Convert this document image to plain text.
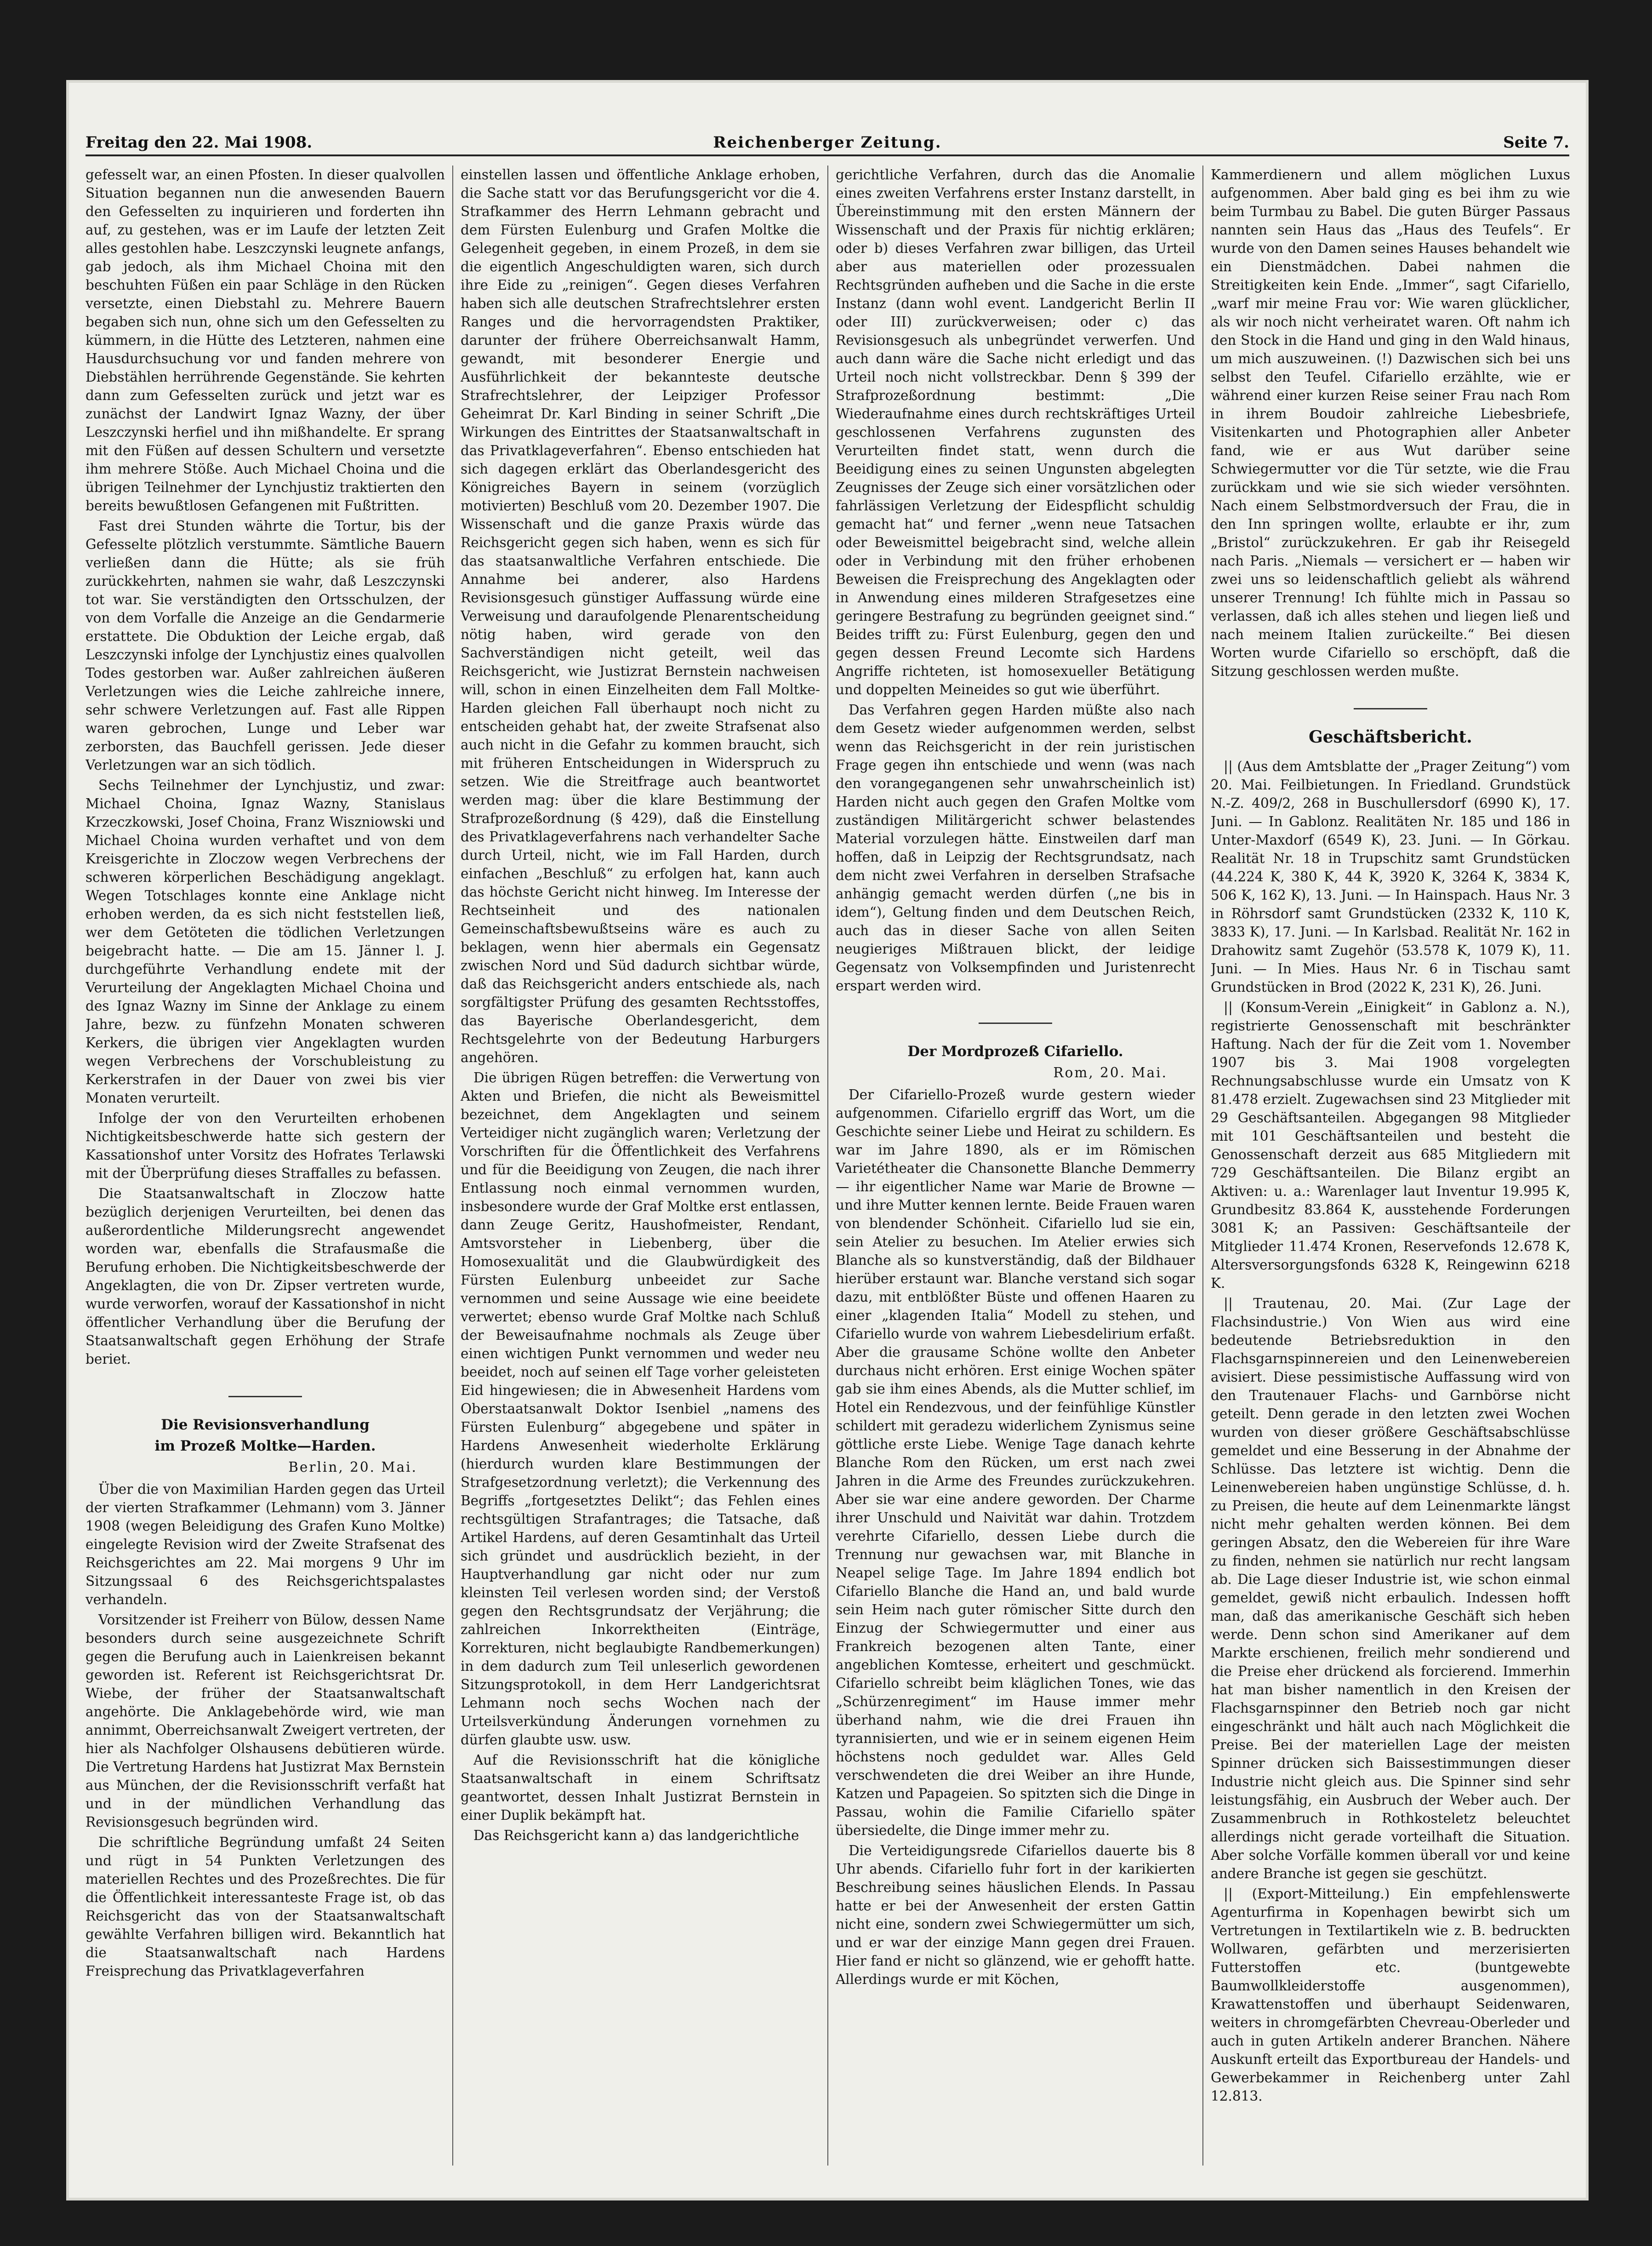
Freitag den 22. Mai 1908.	Reichenberger Zeitung.	Seite 7.

gefesselt war, an einen Pfosten. In dieser qualvollen Situation begannen nun die anwesenden Bauern den Gefesselten zu inquirieren und forderten ihn auf, zu gestehen, was er im Laufe der letzten Zeit alles gestohlen habe. Leszczynski leugnete anfangs, gab jedoch, als ihm Michael Choina mit den beschuhten Füßen ein paar Schläge in den Rücken versetzte, einen Diebstahl zu. Mehrere Bauern begaben sich nun, ohne sich um den Gefesselten zu kümmern, in die Hütte des Letzteren, nahmen eine Hausdurchsuchung vor und fanden mehrere von Diebstählen herrührende Gegenstände. Sie kehrten dann zum Gefesselten zurück und jetzt war es zunächst der Landwirt Ignaz Wazny, der über Leszczynski herfiel und ihn mißhandelte. Er sprang mit den Füßen auf dessen Schultern und versetzte ihm mehrere Stöße. Auch Michael Choina und die übrigen Teilnehmer der Lynchjustiz traktierten den bereits bewußtlosen Gefangenen mit Fußtritten.

Fast drei Stunden währte die Tortur, bis der Gefesselte plötzlich verstummte. Sämtliche Bauern verließen dann die Hütte; als sie früh zurückkehrten, nahmen sie wahr, daß Leszczynski tot war. Sie verständigten den Ortsschulzen, der von dem Vorfalle die Anzeige an die Gendarmerie erstattete. Die Obduktion der Leiche ergab, daß Leszczynski infolge der Lynchjustiz eines qualvollen Todes gestorben war. Außer zahlreichen äußeren Verletzungen wies die Leiche zahlreiche innere, sehr schwere Verletzungen auf. Fast alle Rippen waren gebrochen, Lunge und Leber war zerborsten, das Bauchfell gerissen. Jede dieser Verletzungen war an sich tödlich.

Sechs Teilnehmer der Lynchjustiz, und zwar: Michael Choina, Ignaz Wazny, Stanislaus Krzeczkowski, Josef Choina, Franz Wiszniowski und Michael Choina wurden verhaftet und von dem Kreisgerichte in Zloczow wegen Verbrechens der schweren körperlichen Beschädigung angeklagt. Wegen Totschlages konnte eine Anklage nicht erhoben werden, da es sich nicht feststellen ließ, wer dem Getöteten die tödlichen Verletzungen beigebracht hatte. — Die am 15. Jänner l. J. durchgeführte Verhandlung endete mit der Verurteilung der Angeklagten Michael Choina und des Ignaz Wazny im Sinne der Anklage zu einem Jahre, bezw. zu fünfzehn Monaten schweren Kerkers, die übrigen vier Angeklagten wurden wegen Verbrechens der Vorschubleistung zu Kerkerstrafen in der Dauer von zwei bis vier Monaten verurteilt.

Infolge der von den Verurteilten erhobenen Nichtigkeitsbeschwerde hatte sich gestern der Kassationshof unter Vorsitz des Hofrates Terlawski mit der Überprüfung dieses Straffalles zu befassen.

Die Staatsanwaltschaft in Zloczow hatte bezüglich derjenigen Verurteilten, bei denen das außerordentliche Milderungsrecht angewendet worden war, ebenfalls die Strafausmaße die Berufung erhoben. Die Nichtigkeitsbeschwerde der Angeklagten, die von Dr. Zipser vertreten wurde, wurde verworfen, worauf der Kassationshof in nicht öffentlicher Verhandlung über die Berufung der Staatsanwaltschaft gegen Erhöhung der Strafe beriet.

Die Revisionsverhandlung
im Prozeß Moltke—Harden.
Berlin, 20. Mai.

Über die von Maximilian Harden gegen das Urteil der vierten Strafkammer (Lehmann) vom 3. Jänner 1908 (wegen Beleidigung des Grafen Kuno Moltke) eingelegte Revision wird der Zweite Strafsenat des Reichsgerichtes am 22. Mai morgens 9 Uhr im Sitzungssaal 6 des Reichsgerichtspalastes verhandeln.

Vorsitzender ist Freiherr von Bülow, dessen Name besonders durch seine ausgezeichnete Schrift gegen die Berufung auch in Laienkreisen bekannt geworden ist. Referent ist Reichsgerichtsrat Dr. Wiebe, der früher der Staatsanwaltschaft angehörte. Die Anklagebehörde wird, wie man annimmt, Oberreichsanwalt Zweigert vertreten, der hier als Nachfolger Olshausens debütieren würde. Die Vertretung Hardens hat Justizrat Max Bernstein aus München, der die Revisionsschrift verfaßt hat und in der mündlichen Verhandlung das Revisionsgesuch begründen wird.

Die schriftliche Begründung umfaßt 24 Seiten und rügt in 54 Punkten Verletzungen des materiellen Rechtes und des Prozeßrechtes. Die für die Öffentlichkeit interessanteste Frage ist, ob das Reichsgericht das von der Staatsanwaltschaft gewählte Verfahren billigen wird. Bekanntlich hat die Staatsanwaltschaft nach Hardens Freisprechung das Privatklageverfahren

einstellen lassen und öffentliche Anklage erhoben, die Sache statt vor das Berufungsgericht vor die 4. Strafkammer des Herrn Lehmann gebracht und dem Fürsten Eulenburg und Grafen Moltke die Gelegenheit gegeben, in einem Prozeß, in dem sie die eigentlich Angeschuldigten waren, sich durch ihre Eide zu „reinigen“. Gegen dieses Verfahren haben sich alle deutschen Strafrechtslehrer ersten Ranges und die hervorragendsten Praktiker, darunter der frühere Oberreichsanwalt Hamm, gewandt, mit besonderer Energie und Ausführlichkeit der bekannteste deutsche Strafrechtslehrer, der Leipziger Professor Geheimrat Dr. Karl Binding in seiner Schrift „Die Wirkungen des Eintrittes der Staatsanwaltschaft in das Privatklageverfahren“. Ebenso entschieden hat sich dagegen erklärt das Oberlandesgericht des Königreiches Bayern in seinem (vorzüglich motivierten) Beschluß vom 20. Dezember 1907. Die Wissenschaft und die ganze Praxis würde das Reichsgericht gegen sich haben, wenn es sich für das staatsanwaltliche Verfahren entschiede. Die Annahme bei anderer, also Hardens Revisionsgesuch günstiger Auffassung würde eine Verweisung und daraufolgende Plenarentscheidung nötig haben, wird gerade von den Sachverständigen nicht geteilt, weil das Reichsgericht, wie Justizrat Bernstein nachweisen will, schon in einen Einzelheiten dem Fall Moltke-Harden gleichen Fall überhaupt noch nicht zu entscheiden gehabt hat, der zweite Strafsenat also auch nicht in die Gefahr zu kommen braucht, sich mit früheren Entscheidungen in Widerspruch zu setzen. Wie die Streitfrage auch beantwortet werden mag: über die klare Bestimmung der Strafprozeßordnung (§ 429), daß die Einstellung des Privatklageverfahrens nach verhandelter Sache durch Urteil, nicht, wie im Fall Harden, durch einfachen „Beschluß“ zu erfolgen hat, kann auch das höchste Gericht nicht hinweg. Im Interesse der Rechtseinheit und des nationalen Gemeinschaftsbewußtseins wäre es auch zu beklagen, wenn hier abermals ein Gegensatz zwischen Nord und Süd dadurch sichtbar würde, daß das Reichsgericht anders entschiede als, nach sorgfältigster Prüfung des gesamten Rechtsstoffes, das Bayerische Oberlandesgericht, dem Rechtsgelehrte von der Bedeutung Harburgers angehören.

Die übrigen Rügen betreffen: die Verwertung von Akten und Briefen, die nicht als Beweismittel bezeichnet, dem Angeklagten und seinem Verteidiger nicht zugänglich waren; Verletzung der Vorschriften für die Öffentlichkeit des Verfahrens und für die Beeidigung von Zeugen, die nach ihrer Entlassung noch einmal vernommen wurden, insbesondere wurde der Graf Moltke erst entlassen, dann Zeuge Geritz, Haushofmeister, Rendant, Amtsvorsteher in Liebenberg, über die Homosexualität und die Glaubwürdigkeit des Fürsten Eulenburg unbeeidet zur Sache vernommen und seine Aussage wie eine beeidete verwertet; ebenso wurde Graf Moltke nach Schluß der Beweisaufnahme nochmals als Zeuge über einen wichtigen Punkt vernommen und weder neu beeidet, noch auf seinen elf Tage vorher geleisteten Eid hingewiesen; die in Abwesenheit Hardens vom Oberstaatsanwalt Doktor Isenbiel „namens des Fürsten Eulenburg“ abgegebene und später in Hardens Anwesenheit wiederholte Erklärung (hierdurch wurden klare Bestimmungen der Strafgesetzordnung verletzt); die Verkennung des Begriffs „fortgesetztes Delikt“; das Fehlen eines rechtsgültigen Strafantrages; die Tatsache, daß Artikel Hardens, auf deren Gesamtinhalt das Urteil sich gründet und ausdrücklich bezieht, in der Hauptverhandlung gar nicht oder nur zum kleinsten Teil verlesen worden sind; der Verstoß gegen den Rechtsgrundsatz der Verjährung; die zahlreichen Inkorrektheiten (Einträge, Korrekturen, nicht beglaubigte Randbemerkungen) in dem dadurch zum Teil unleserlich gewordenen Sitzungsprotokoll, in dem Herr Landgerichtsrat Lehmann noch sechs Wochen nach der Urteilsverkündung Änderungen vornehmen zu dürfen glaubte usw. usw.

Auf die Revisionsschrift hat die königliche Staatsanwaltschaft in einem Schriftsatz geantwortet, dessen Inhalt Justizrat Bernstein in einer Duplik bekämpft hat.

Das Reichsgericht kann a) das landgerichtliche

gerichtliche Verfahren, durch das die Anomalie eines zweiten Verfahrens erster Instanz darstellt, in Übereinstimmung mit den ersten Männern der Wissenschaft und der Praxis für nichtig erklären; oder b) dieses Verfahren zwar billigen, das Urteil aber aus materiellen oder prozessualen Rechtsgründen aufheben und die Sache in die erste Instanz (dann wohl event. Landgericht Berlin II oder III) zurückverweisen; oder c) das Revisionsgesuch als unbegründet verwerfen. Und auch dann wäre die Sache nicht erledigt und das Urteil noch nicht vollstreckbar. Denn § 399 der Strafprozeßordnung bestimmt: „Die Wiederaufnahme eines durch rechtskräftiges Urteil geschlossenen Verfahrens zugunsten des Verurteilten findet statt, wenn durch die Beeidigung eines zu seinen Ungunsten abgelegten Zeugnisses der Zeuge sich einer vorsätzlichen oder fahrlässigen Verletzung der Eidespflicht schuldig gemacht hat“ und ferner „wenn neue Tatsachen oder Beweismittel beigebracht sind, welche allein oder in Verbindung mit den früher erhobenen Beweisen die Freisprechung des Angeklagten oder in Anwendung eines milderen Strafgesetzes eine geringere Bestrafung zu begründen geeignet sind.“ Beides trifft zu: Fürst Eulenburg, gegen den und gegen dessen Freund Lecomte sich Hardens Angriffe richteten, ist homosexueller Betätigung und doppelten Meineides so gut wie überführt.

Das Verfahren gegen Harden müßte also nach dem Gesetz wieder aufgenommen werden, selbst wenn das Reichsgericht in der rein juristischen Frage gegen ihn entschiede und wenn (was nach den vorangegangenen sehr unwahrscheinlich ist) Harden nicht auch gegen den Grafen Moltke vom zuständigen Militärgericht schwer belastendes Material vorzulegen hätte. Einstweilen darf man hoffen, daß in Leipzig der Rechtsgrundsatz, nach dem nicht zwei Verfahren in derselben Strafsache anhängig gemacht werden dürfen („ne bis in idem“), Geltung finden und dem Deutschen Reich, auch das in dieser Sache von allen Seiten neugieriges Mißtrauen blickt, der leidige Gegensatz von Volksempfinden und Juristenrecht erspart werden wird.

Der Mordprozeß Cifariello.
Rom, 20. Mai.

Der Cifariello-Prozeß wurde gestern wieder aufgenommen. Cifariello ergriff das Wort, um die Geschichte seiner Liebe und Heirat zu schildern. Es war im Jahre 1890, als er im Römischen Varietétheater die Chansonette Blanche Demmerry — ihr eigentlicher Name war Marie de Browne — und ihre Mutter kennen lernte. Beide Frauen waren von blendender Schönheit. Cifariello lud sie ein, sein Atelier zu besuchen. Im Atelier erwies sich Blanche als so kunstverständig, daß der Bildhauer hierüber erstaunt war. Blanche verstand sich sogar dazu, mit entblößter Büste und offenen Haaren zu einer „klagenden Italia“ Modell zu stehen, und Cifariello wurde von wahrem Liebesdelirium erfaßt. Aber die grausame Schöne wollte den Anbeter durchaus nicht erhören. Erst einige Wochen später gab sie ihm eines Abends, als die Mutter schlief, im Hotel ein Rendezvous, und der feinfühlige Künstler schildert mit geradezu widerlichem Zynismus seine göttliche erste Liebe. Wenige Tage danach kehrte Blanche Rom den Rücken, um erst nach zwei Jahren in die Arme des Freundes zurückzukehren. Aber sie war eine andere geworden. Der Charme ihrer Unschuld und Naivität war dahin. Trotzdem verehrte Cifariello, dessen Liebe durch die Trennung nur gewachsen war, mit Blanche in Neapel selige Tage. Im Jahre 1894 endlich bot Cifariello Blanche die Hand an, und bald wurde sein Heim nach guter römischer Sitte durch den Einzug der Schwiegermutter und einer aus Frankreich bezogenen alten Tante, einer angeblichen Komtesse, erheitert und geschmückt. Cifariello schreibt beim kläglichen Tones, wie das „Schürzenregiment“ im Hause immer mehr überhand nahm, wie die drei Frauen ihn tyrannisierten, und wie er in seinem eigenen Heim höchstens noch geduldet war. Alles Geld verschwendeten die drei Weiber an ihre Hunde, Katzen und Papageien. So spitzten sich die Dinge in Passau, wohin die Familie Cifariello später übersiedelte, die Dinge immer mehr zu.

Die Verteidigungsrede Cifariellos dauerte bis 8 Uhr abends. Cifariello fuhr fort in der karikierten Beschreibung seines häuslichen Elends. In Passau hatte er bei der Anwesenheit der ersten Gattin nicht eine, sondern zwei Schwiegermütter um sich, und er war der einzige Mann gegen drei Frauen. Hier fand er nicht so glänzend, wie er gehofft hatte. Allerdings wurde er mit Köchen,

Kammerdienern und allem möglichen Luxus aufgenommen. Aber bald ging es bei ihm zu wie beim Turmbau zu Babel. Die guten Bürger Passaus nannten sein Haus das „Haus des Teufels“. Er wurde von den Damen seines Hauses behandelt wie ein Dienstmädchen. Dabei nahmen die Streitigkeiten kein Ende. „Immer“, sagt Cifariello, „warf mir meine Frau vor: Wie waren glücklicher, als wir noch nicht verheiratet waren. Oft nahm ich den Stock in die Hand und ging in den Wald hinaus, um mich auszuweinen. (!) Dazwischen sich bei uns selbst den Teufel. Cifariello erzählte, wie er während einer kurzen Reise seiner Frau nach Rom in ihrem Boudoir zahlreiche Liebesbriefe, Visitenkarten und Photographien aller Anbeter fand, wie er aus Wut darüber seine Schwiegermutter vor die Tür setzte, wie die Frau zurückkam und wie sie sich wieder versöhnten. Nach einem Selbstmordversuch der Frau, die in den Inn springen wollte, erlaubte er ihr, zum „Bristol“ zurückzukehren. Er gab ihr Reisegeld nach Paris. „Niemals — versichert er — haben wir zwei uns so leidenschaftlich geliebt als während unserer Trennung! Ich fühlte mich in Passau so verlassen, daß ich alles stehen und liegen ließ und nach meinem Italien zurückeilte.“ Bei diesen Worten wurde Cifariello so erschöpft, daß die Sitzung geschlossen werden mußte.

Geschäftsbericht.

|| (Aus dem Amtsblatte der „Prager Zeitung“) vom 20. Mai. Feilbietungen. In Friedland. Grundstück N.-Z. 409/2, 268 in Buschullersdorf (6990 K), 17. Juni. — In Gablonz. Realitäten Nr. 185 und 186 in Unter-Maxdorf (6549 K), 23. Juni. — In Görkau. Realität Nr. 18 in Trupschitz samt Grundstücken (44.224 K, 380 K, 44 K, 3920 K, 3264 K, 3834 K, 506 K, 162 K), 13. Juni. — In Hainspach. Haus Nr. 3 in Röhrsdorf samt Grundstücken (2332 K, 110 K, 3833 K), 17. Juni. — In Karlsbad. Realität Nr. 162 in Drahowitz samt Zugehör (53.578 K, 1079 K), 11. Juni. — In Mies. Haus Nr. 6 in Tischau samt Grundstücken in Brod (2022 K, 231 K), 26. Juni.

|| (Konsum-Verein „Einigkeit“ in Gablonz a. N.), registrierte Genossenschaft mit beschränkter Haftung. Nach der für die Zeit vom 1. November 1907 bis 3. Mai 1908 vorgelegten Rechnungsabschlusse wurde ein Umsatz von K 81.478 erzielt. Zugewachsen sind 23 Mitglieder mit 29 Geschäftsanteilen. Abgegangen 98 Mitglieder mit 101 Geschäftsanteilen und besteht die Genossenschaft derzeit aus 685 Mitgliedern mit 729 Geschäftsanteilen. Die Bilanz ergibt an Aktiven: u. a.: Warenlager laut Inventur 19.995 K, Grundbesitz 83.864 K, ausstehende Forderungen 3081 K; an Passiven: Geschäftsanteile der Mitglieder 11.474 Kronen, Reservefonds 12.678 K, Altersversorgungsfonds 6328 K, Reingewinn 6218 K.

|| Trautenau, 20. Mai. (Zur Lage der Flachsindustrie.) Von Wien aus wird eine bedeutende Betriebsreduktion in den Flachsgarnspinnereien und den Leinenwebereien avisiert. Diese pessimistische Auffassung wird von den Trautenauer Flachs- und Garnbörse nicht geteilt. Denn gerade in den letzten zwei Wochen wurden von dieser größere Geschäftsabschlüsse gemeldet und eine Besserung in der Abnahme der Schlüsse. Das letztere ist wichtig. Denn die Leinenwebereien haben ungünstige Schlüsse, d. h. zu Preisen, die heute auf dem Leinenmarkte längst nicht mehr gehalten werden können. Bei dem geringen Absatz, den die Webereien für ihre Ware zu finden, nehmen sie natürlich nur recht langsam ab. Die Lage dieser Industrie ist, wie schon einmal gemeldet, gewiß nicht erbaulich. Indessen hofft man, daß das amerikanische Geschäft sich heben werde. Denn schon sind Amerikaner auf dem Markte erschienen, freilich mehr sondierend und die Preise eher drückend als forcierend. Immerhin hat man bisher namentlich in den Kreisen der Flachsgarnspinner den Betrieb noch gar nicht eingeschränkt und hält auch nach Möglichkeit die Preise. Bei der materiellen Lage der meisten Spinner drücken sich Baissestimmungen dieser Industrie nicht gleich aus. Die Spinner sind sehr leistungsfähig, ein Ausbruch der Weber auch. Der Zusammenbruch in Rothkosteletz beleuchtet allerdings nicht gerade vorteilhaft die Situation. Aber solche Vorfälle kommen überall vor und keine andere Branche ist gegen sie geschützt.

|| (Export-Mitteilung.) Ein empfehlenswerte Agenturfirma in Kopenhagen bewirbt sich um Vertretungen in Textilartikeln wie z. B. bedruckten Wollwaren, gefärbten und merzerisierten Futterstoffen etc. (buntgewebte Baumwollkleiderstoffe ausgenommen), Krawattenstoffen und überhaupt Seidenwaren, weiters in chromgefärbten Chevreau-Oberleder und auch in guten Artikeln anderer Branchen. Nähere Auskunft erteilt das Exportbureau der Handels- und Gewerbekammer in Reichenberg unter Zahl 12.813.
